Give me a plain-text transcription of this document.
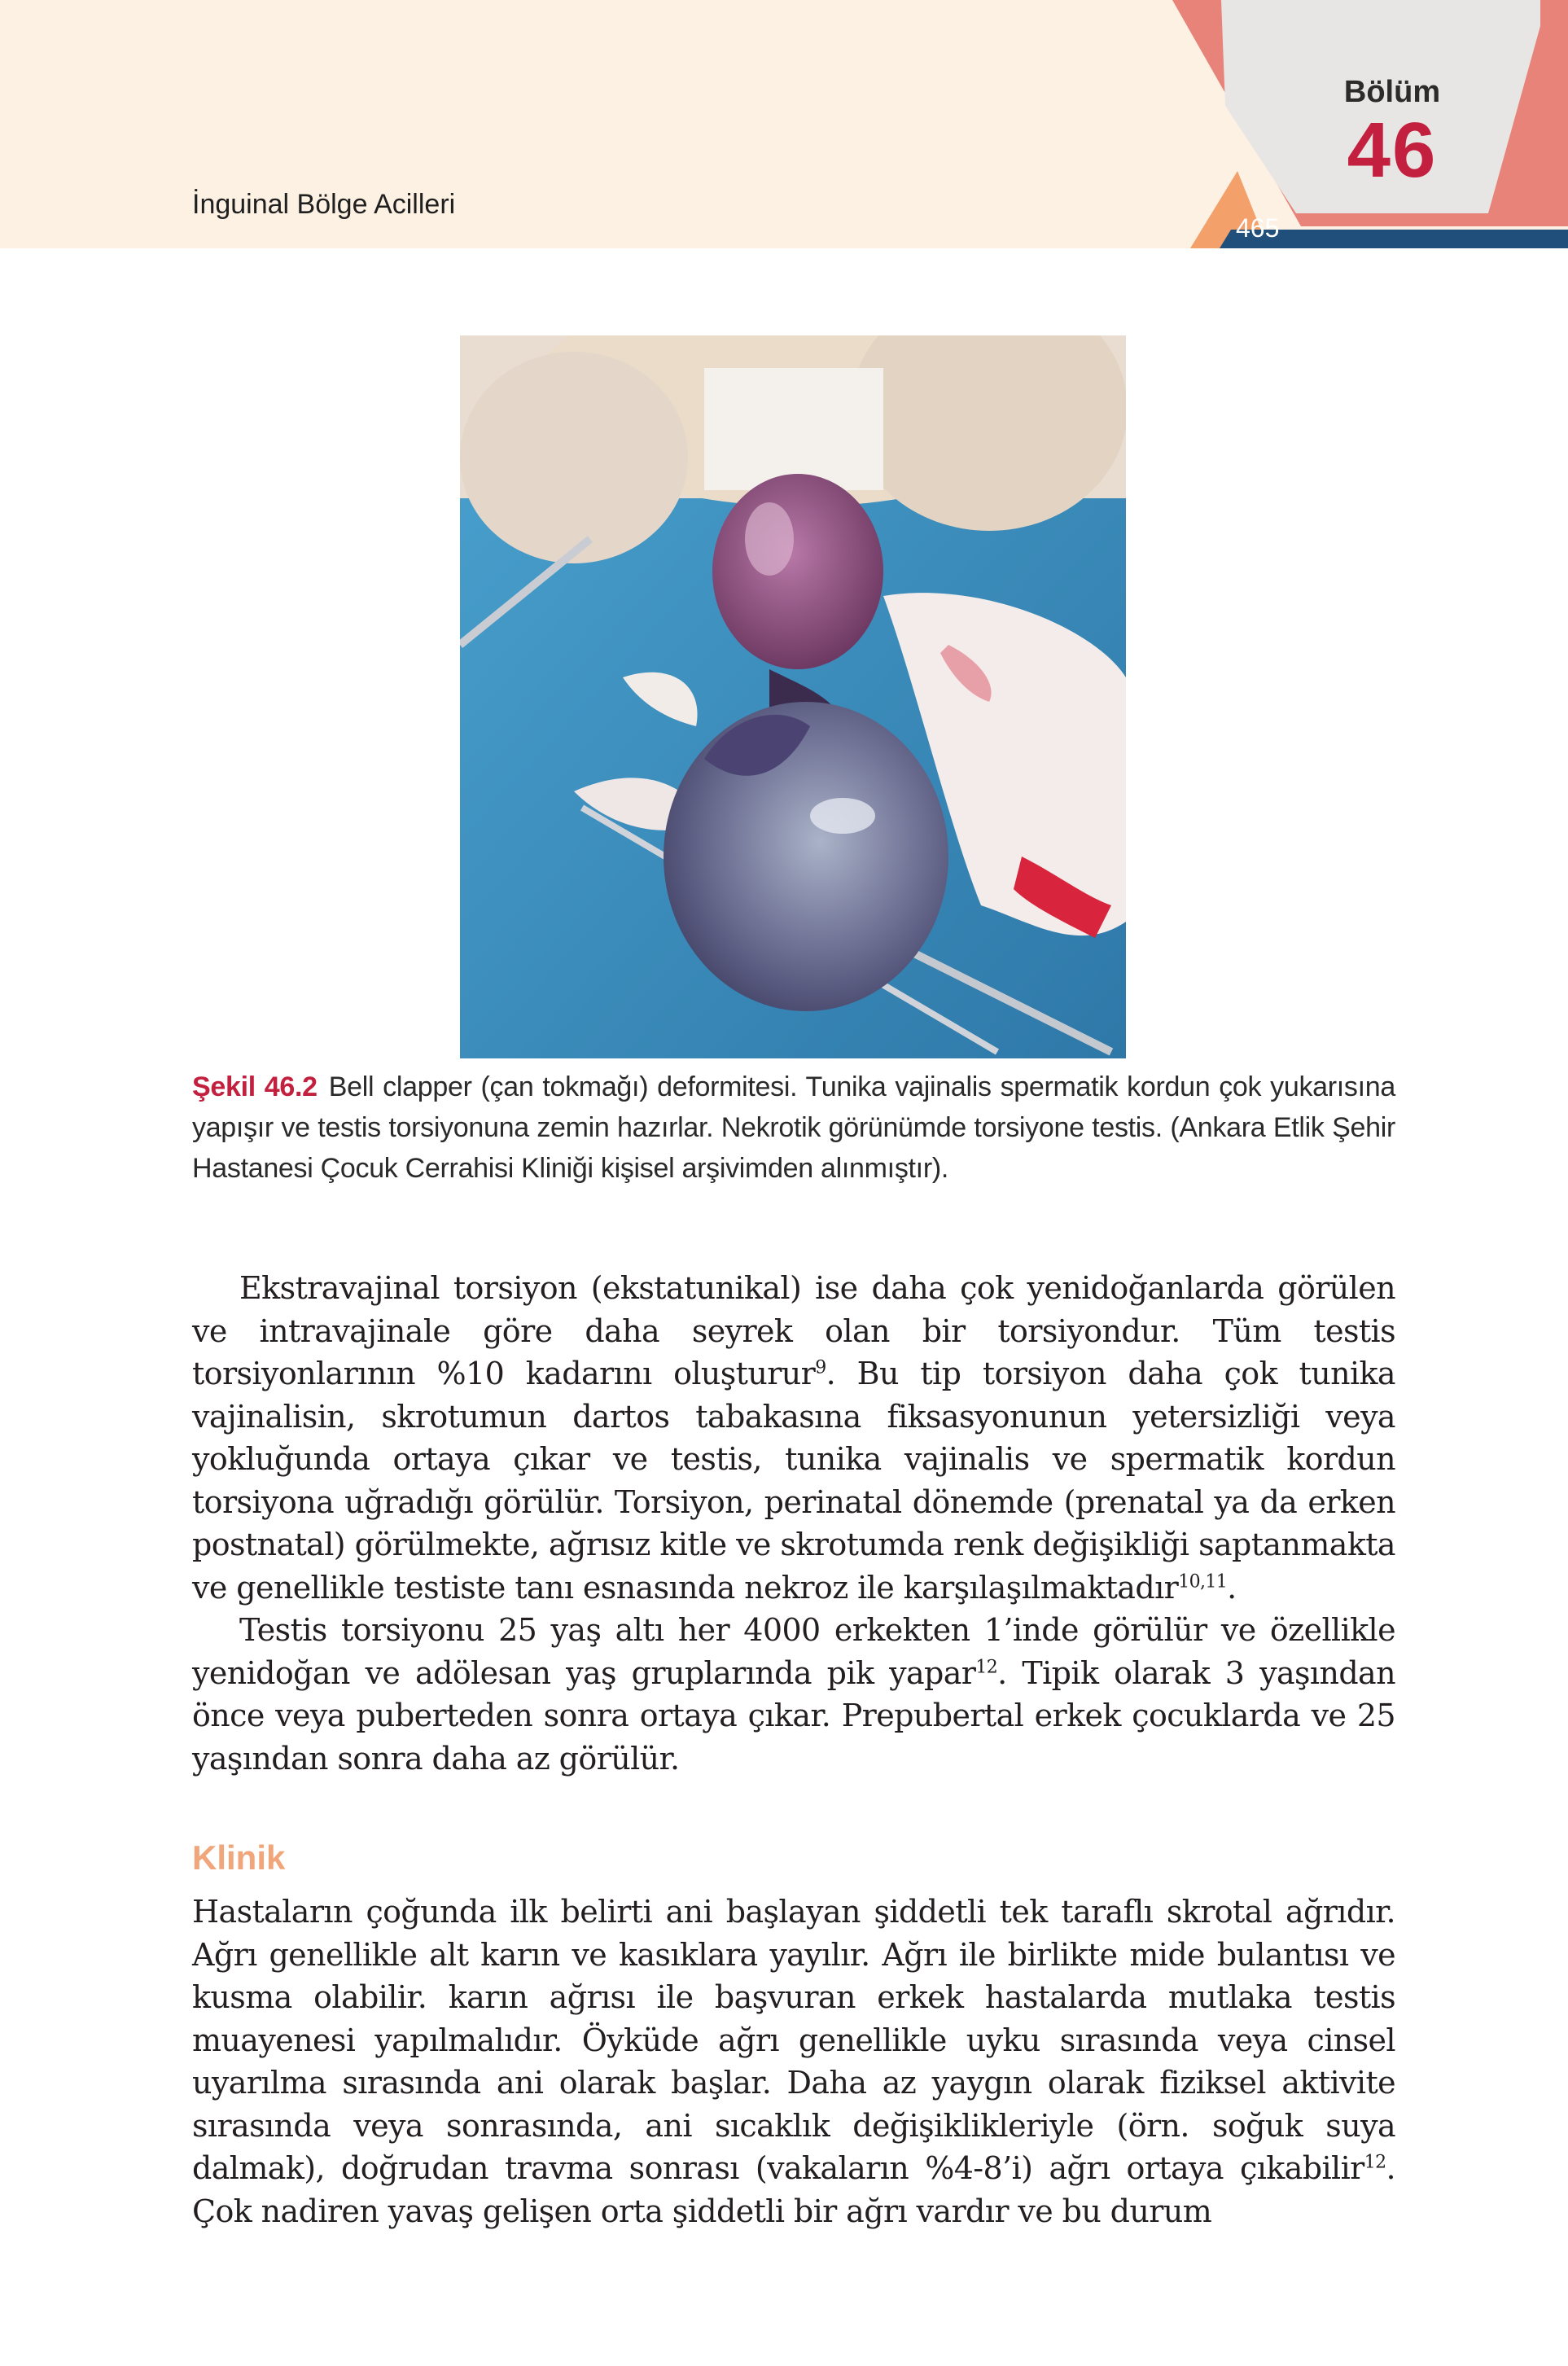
İnguinal Bölge Acilleri
Bölüm
46
465
Şekil 46.2 Bell clapper (çan tokmağı) deformitesi. Tunika vajinalis spermatik kordun çok yukarısına yapışır ve testis torsiyonuna zemin hazırlar. Nekrotik görünümde torsiyone testis. (Ankara Etlik Şehir Hastanesi Çocuk Cerrahisi Kliniği kişisel arşivimden alınmıştır).

Ekstravajinal torsiyon (ekstatunikal) ise daha çok yenidoğanlarda görülen ve intravajinale göre daha seyrek olan bir torsiyondur. Tüm testis torsiyonlarının %10 kadarını oluşturur$^9$. Bu tip torsiyon daha çok tunika vajinalisin, skrotumun dartos tabakasına fiksasyonunun yetersizliği veya yokluğunda ortaya çıkar ve testis, tunika vajinalis ve spermatik kordun torsiyona uğradığı görülür. Torsiyon, perinatal dönemde (prenatal ya da erken postnatal) görülmekte, ağrısız kitle ve skrotumda renk değişikliği saptanmakta ve genellikle testiste tanı esnasında nekroz ile karşılaşılmaktadır$^{10,11}$.

Testis torsiyonu 25 yaş altı her 4000 erkekten 1’inde görülür ve özellikle yenidoğan ve adölesan yaş gruplarında pik yapar$^{12}$. Tipik olarak 3 yaşından önce veya puberteden sonra ortaya çıkar. Prepubertal erkek çocuklarda ve 25 yaşından sonra daha az görülür.

Klinik

Hastaların çoğunda ilk belirti ani başlayan şiddetli tek taraflı skrotal ağrıdır. Ağrı genellikle alt karın ve kasıklara yayılır. Ağrı ile birlikte mide bulantısı ve kusma olabilir. karın ağrısı ile başvuran erkek hastalarda mutlaka testis muayenesi yapılmalıdır. Öyküde ağrı genellikle uyku sırasında veya cinsel uyarılma sırasında ani olarak başlar. Daha az yaygın olarak fiziksel aktivite sırasında veya sonrasında, ani sıcaklık değişiklikleriyle (örn. soğuk suya dalmak), doğrudan travma sonrası (vakaların %4-8’i) ağrı ortaya çıkabilir$^{12}$. Çok nadiren yavaş gelişen orta şiddetli bir ağrı vardır ve bu durum
